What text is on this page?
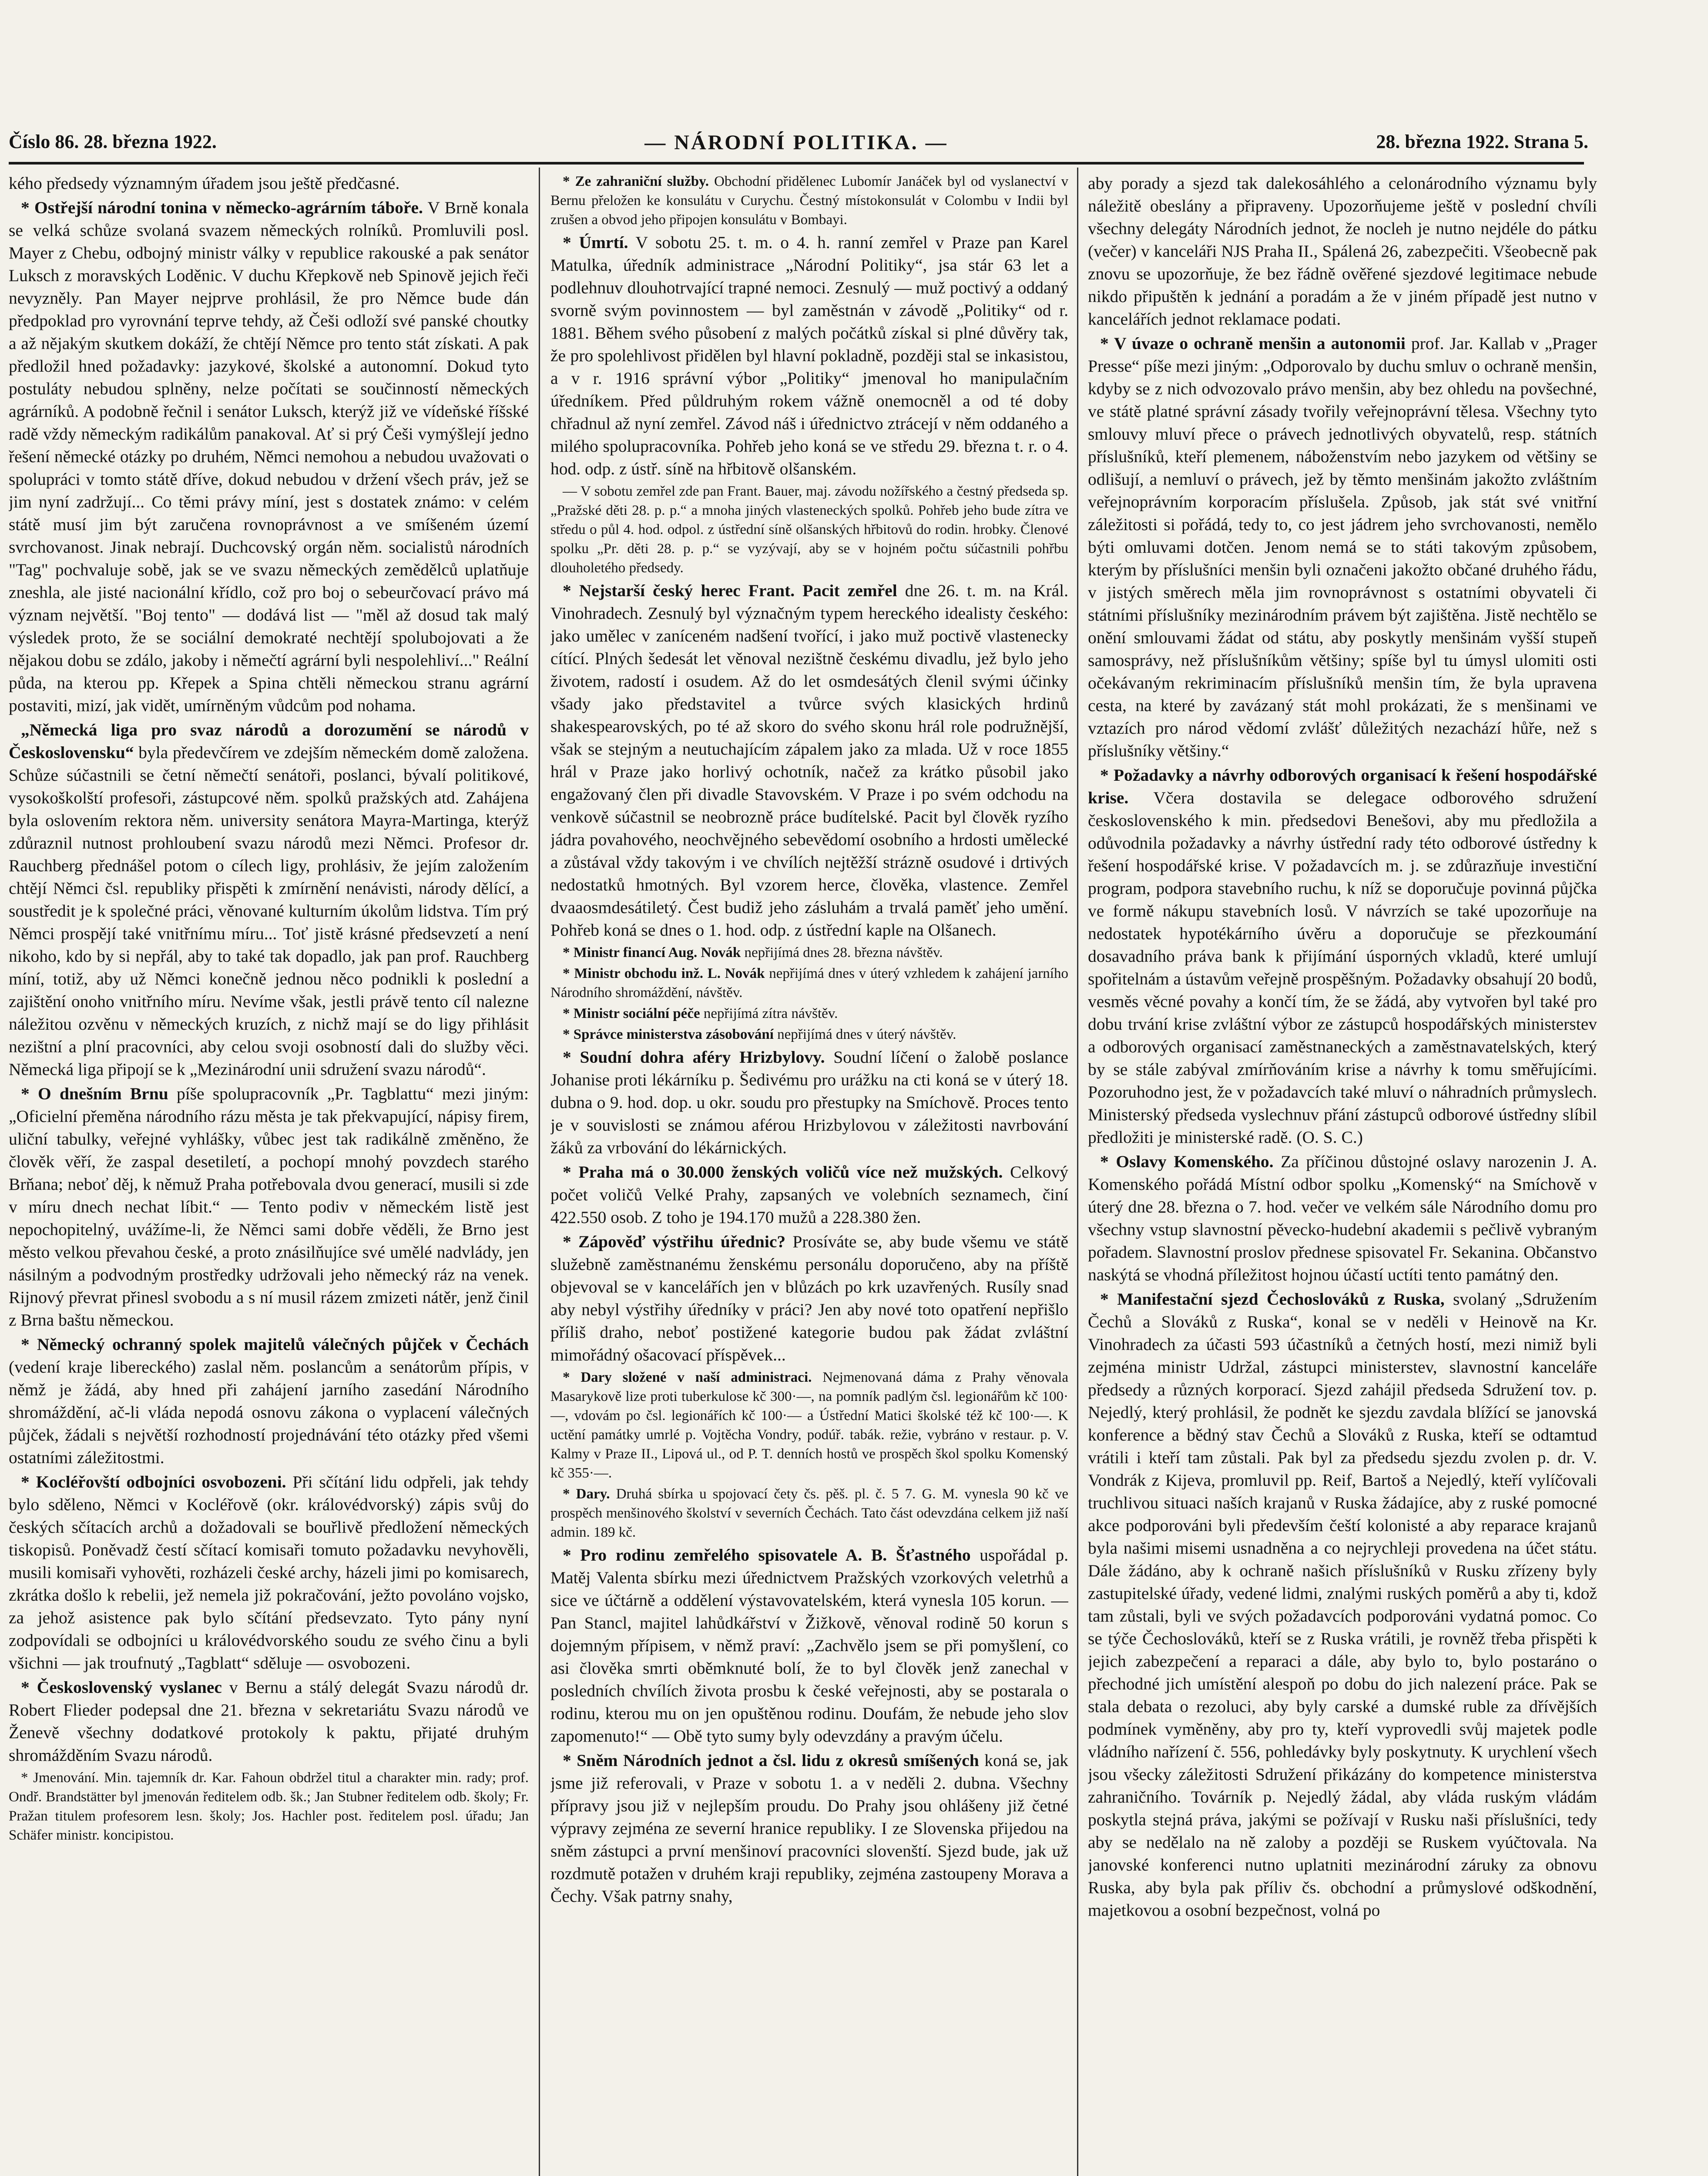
Číslo 86. 28. března 1922.	— NÁRODNÍ POLITIKA. —	28. března 1922. Strana 5.

kého předsedy významným úřadem jsou ještě předčasné.

* Ostřejší národní tonina v německo-agrárním táboře. V Brně konala se velká schůze svolaná svazem německých rolníků. Promluvili posl. Mayer z Chebu, odbojný ministr války v republice rakouské a pak senátor Luksch z moravských Loděnic. V duchu Křepkově neb Spinově jejich řeči nevyzněly. Pan Mayer nejprve prohlásil, že pro Němce bude dán předpoklad pro vyrovnání teprve tehdy, až Češi odloží své panské choutky a až nějakým skutkem dokáží, že chtějí Němce pro tento stát získati. A pak předložil hned požadavky: jazykové, školské a autonomní. Dokud tyto postuláty nebudou splněny, nelze počítati se součinností německých agrárníků. A podobně řečnil i senátor Luksch, kterýž již ve vídeňské říšské radě vždy německým radikálům panakoval. Ať si prý Češi vymýšlejí jedno řešení německé otázky po druhém, Němci nemohou a nebudou uvažovati o spolupráci v tomto státě dříve, dokud nebudou v držení všech práv, jež se jim nyní zadržují... Co těmi právy míní, jest s dostatek známo: v celém státě musí jim být zaručena rovnoprávnost a ve smíšeném území svrchovanost. Jinak nebrají. Duchcovský orgán něm. socialistů národních "Tag" pochvaluje sobě, jak se ve svazu německých zemědělců uplatňuje zneshla, ale jisté nacionální křídlo, což pro boj o sebeurčovací právo má význam největší. "Boj tento" — dodává list — "měl až dosud tak malý výsledek proto, že se sociální demokraté nechtějí spolubojovati a že nějakou dobu se zdálo, jakoby i němečtí agrární byli nespolehliví..." Reální půda, na kterou pp. Křepek a Spina chtěli německou stranu agrární postaviti, mizí, jak vidět, umírněným vůdcům pod nohama.

„Německá liga pro svaz národů a dorozumění se národů v Československu“ byla předevčírem ve zdejším německém domě založena. Schůze súčastnili se četní němečtí senátoři, poslanci, bývalí politikové, vysokoškolští profesoři, zástupcové něm. spolků pražských atd. Zahájena byla oslovením rektora něm. university senátora Mayra-Martinga, kterýž zdůraznil nutnost prohloubení svazu národů mezi Němci. Profesor dr. Rauchberg přednášel potom o cílech ligy, prohlásiv, že jejím založením chtějí Němci čsl. republiky přispěti k zmírnění nenávisti, národy dělící, a soustředit je k společné práci, věnované kulturním úkolům lidstva. Tím prý Němci prospějí také vnitřnímu míru... Toť jistě krásné předsevzetí a není nikoho, kdo by si nepřál, aby to také tak dopadlo, jak pan prof. Rauchberg míní, totiž, aby už Němci konečně jednou něco podnikli k poslední a zajištění onoho vnitřního míru. Nevíme však, jestli právě tento cíl nalezne náležitou ozvěnu v německých kruzích, z nichž mají se do ligy přihlásit nezištní a plní pracovníci, aby celou svoji osobností dali do služby věci. Německá liga připojí se k „Mezinárodní unii sdružení svazu národů“.

* O dnešním Brnu píše spolupracovník „Pr. Tagblattu“ mezi jiným: „Oficielní přeměna národního rázu města je tak překvapující, nápisy firem, uliční tabulky, veřejné vyhlášky, vůbec jest tak radikálně změněno, že člověk věří, že zaspal desetiletí, a pochopí mnohý povzdech starého Brňana; neboť děj, k němuž Praha potřebovala dvou generací, musili si zde v míru dnech nechat líbit.“ — Tento podiv v německém listě jest nepochopitelný, uvážíme-li, že Němci sami dobře věděli, že Brno jest město velkou převahou české, a proto znásilňujíce své umělé nadvlády, jen násilným a podvodným prostředky udržovali jeho německý ráz na venek. Rijnový převrat přinesl svobodu a s ní musil rázem zmizeti nátěr, jenž činil z Brna baštu německou.

* Německý ochranný spolek majitelů válečných půjček v Čechách (vedení kraje libereckého) zaslal něm. poslancům a senátorům přípis, v němž je žádá, aby hned při zahájení jarního zasedání Národního shromáždění, ač-li vláda nepodá osnovu zákona o vyplacení válečných půjček, žádali s největší rozhodností projednávání této otázky před všemi ostatními záležitostmi.

* Kocléřovští odbojníci osvobozeni. Při sčítání lidu odpřeli, jak tehdy bylo sděleno, Němci v Kocléřově (okr. královédvorský) zápis svůj do českých sčítacích archů a dožadovali se bouřlivě předložení německých tiskopisů. Poněvadž čestí sčítací komisaři tomuto požadavku nevyhověli, musili komisaři vyhověti, rozházeli české archy, házeli jimi po komisarech, zkrátka došlo k rebelii, jež nemela již pokračování, ježto povoláno vojsko, za jehož asistence pak bylo sčítání předsevzato. Tyto pány nyní zodpovídali se odbojníci u královédvorského soudu ze svého činu a byli všichni — jak troufnutý „Tagblatt“ sděluje — osvobozeni.

* Československý vyslanec v Bernu a stálý delegát Svazu národů dr. Robert Flieder podepsal dne 21. března v sekretariátu Svazu národů ve Ženevě všechny dodatkové protokoly k paktu, přijaté druhým shromážděním Svazu národů.

* Jmenování. Min. tajemník dr. Kar. Fahoun obdržel titul a charakter min. rady; prof. Ondř. Brandstätter byl jmenován ředitelem odb. šk.; Jan Stubner ředitelem odb. školy; Fr. Pražan titulem profesorem lesn. školy; Jos. Hachler post. ředitelem posl. úřadu; Jan Schäfer ministr. koncipistou.

* Ze zahraniční služby. Obchodní přidělenec Lubomír Janáček byl od vyslanectví v Bernu přeložen ke konsulátu v Curychu. Čestný místokonsulát v Colombu v Indii byl zrušen a obvod jeho připojen konsulátu v Bombayi.

* Úmrtí. V sobotu 25. t. m. o 4. h. ranní zemřel v Praze pan Karel Matulka, úředník administrace „Národní Politiky“, jsa stár 63 let a podlehnuv dlouhotrvající trapné nemoci. Zesnulý — muž poctivý a oddaný svorně svým povinnostem — byl zaměstnán v závodě „Politiky“ od r. 1881. Během svého působení z malých počátků získal si plné důvěry tak, že pro spolehlivost přidělen byl hlavní pokladně, později stal se inkasistou, a v r. 1916 správní výbor „Politiky“ jmenoval ho manipulačním úředníkem. Před půldruhým rokem vážně onemocněl a od té doby chřadnul až nyní zemřel. Závod náš i úřednictvo ztrácejí v něm oddaného a milého spolupracovníka. Pohřeb jeho koná se ve středu 29. března t. r. o 4. hod. odp. z ústř. síně na hřbitově olšanském.

— V sobotu zemřel zde pan Frant. Bauer, maj. závodu nožířského a čestný předseda sp. „Pražské děti 28. p. p.“ a mnoha jiných vlasteneckých spolků. Pohřeb jeho bude zítra ve středu o půl 4. hod. odpol. z ústřední síně olšanských hřbitovů do rodin. hrobky. Členové spolku „Pr. děti 28. p. p.“ se vyzývají, aby se v hojném počtu súčastnili pohřbu dlouholetého předsedy.

* Nejstarší český herec Frant. Pacit zemřel dne 26. t. m. na Král. Vinohradech. Zesnulý byl význačným typem hereckého idealisty českého: jako umělec v zaníceném nadšení tvořící, i jako muž poctivě vlastenecky cítící. Plných šedesát let věnoval nezištně českému divadlu, jež bylo jeho životem, radostí i osudem. Až do let osmdesátých členil svými účinky všady jako představitel a tvůrce svých klasických hrdinů shakespearovských, po té až skoro do svého skonu hrál role podružnější, však se stejným a neutuchajícím zápalem jako za mlada. Už v roce 1855 hrál v Praze jako horlivý ochotník, načež za krátko působil jako engažovaný člen při divadle Stavovském. V Praze i po svém odchodu na venkově súčastnil se neobrozně práce budítelské. Pacit byl člověk ryzího jádra povahového, neochvějného sebevědomí osobního a hrdosti umělecké a zůstával vždy takovým i ve chvílích nejtěžší strázně osudové i drtivých nedostatků hmotných. Byl vzorem herce, člověka, vlastence. Zemřel dvaaosmdesátiletý. Čest budiž jeho zásluhám a trvalá paměť jeho umění. Pohřeb koná se dnes o 1. hod. odp. z ústřední kaple na Olšanech.

* Ministr financí Aug. Novák nepřijímá dnes 28. března návštěv.

* Ministr obchodu inž. L. Novák nepřijímá dnes v úterý vzhledem k zahájení jarního Národního shromáždění, návštěv.

* Ministr sociální péče nepřijímá zítra návštěv.

* Správce ministerstva zásobování nepřijímá dnes v úterý návštěv.

* Soudní dohra aféry Hrizbylovy. Soudní líčení o žalobě poslance Johanise proti lékárníku p. Šedivému pro urážku na cti koná se v úterý 18. dubna o 9. hod. dop. u okr. soudu pro přestupky na Smíchově. Proces tento je v souvislosti se známou aférou Hrizbylovou v záležitosti navrbování žáků za vrbování do lékárnických.

* Praha má o 30.000 ženských voličů více než mužských. Celkový počet voličů Velké Prahy, zapsaných ve volebních seznamech, činí 422.550 osob. Z toho je 194.170 mužů a 228.380 žen.

* Zápověď výstřihu úřednic? Prosíváte se, aby bude všemu ve státě služebně zaměstnanému ženskému personálu doporučeno, aby na příště objevoval se v kancelářích jen v blůzách po krk uzavřených. Rusíly snad aby nebyl výstřihy úředníky v práci? Jen aby nové toto opatření nepřišlo příliš draho, neboť postižené kategorie budou pak žádat zvláštní mimořádný ošacovací příspěvek...

* Dary složené v naší administraci. Nejmenovaná dáma z Prahy věnovala Masarykově lize proti tuberkulose kč 300·—, na pomník padlým čsl. legionářům kč 100·—, vdovám po čsl. legionářích kč 100·— a Ústřední Matici školské též kč 100·—. K uctění památky umrlé p. Vojtěcha Vondry, podúř. tabák. režie, vybráno v restaur. p. V. Kalmy v Praze II., Lipová ul., od P. T. denních hostů ve prospěch škol spolku Komenský kč 355·—.

* Dary. Druhá sbírka u spojovací čety čs. pěš. pl. č. 5 7. G. M. vynesla 90 kč ve prospěch menšinového školství v severních Čechách. Tato část odevzdána celkem již naší admin. 189 kč.

* Pro rodinu zemřelého spisovatele A. B. Šťastného uspořádal p. Matěj Valenta sbírku mezi úřednictvem Pražských vzorkových veletrhů a sice ve účtárně a oddělení výstavovatelském, která vynesla 105 korun. — Pan Stancl, majitel lahůdkářství v Žižkově, věnoval rodině 50 korun s dojemným přípisem, v němž praví: „Zachvělo jsem se při pomyšlení, co asi člověka smrti oběmknuté bolí, že to byl člověk jenž zanechal v posledních chvílích života prosbu k české veřejnosti, aby se postarala o rodinu, kterou mu on jen opuštěnou rodinu. Doufám, že nebude jeho slov zapomenuto!“ — Obě tyto sumy byly odevzdány a pravým účelu.

* Sněm Národních jednot a čsl. lidu z okresů smíšených koná se, jak jsme již referovali, v Praze v sobotu 1. a v neděli 2. dubna. Všechny přípravy jsou již v nejlepším proudu. Do Prahy jsou ohlášeny již četné výpravy zejména ze severní hranice republiky. I ze Slovenska přijedou na sněm zástupci a první menšinoví pracovníci slovenští. Sjezd bude, jak už rozdmutě potažen v druhém kraji republiky, zejména zastoupeny Morava a Čechy. Však patrny snahy,

aby porady a sjezd tak dalekosáhlého a celonárodního významu byly náležitě obeslány a připraveny. Upozorňujeme ještě v poslední chvíli všechny delegáty Národních jednot, že nocleh je nutno nejdéle do pátku (večer) v kanceláři NJS Praha II., Spálená 26, zabezpečiti. Všeobecně pak znovu se upozorňuje, že bez řádně ověřené sjezdové legitimace nebude nikdo připuštěn k jednání a poradám a že v jiném případě jest nutno v kancelářích jednot reklamace podati.

* V úvaze o ochraně menšin a autonomii prof. Jar. Kallab v „Prager Presse“ píše mezi jiným: „Odporovalo by duchu smluv o ochraně menšin, kdyby se z nich odvozovalo právo menšin, aby bez ohledu na povšechné, ve státě platné správní zásady tvořily veřejnoprávní tělesa. Všechny tyto smlouvy mluví přece o právech jednotlivých obyvatelů, resp. státních příslušníků, kteří plemenem, náboženstvím nebo jazykem od většiny se odlišují, a nemluví o právech, jež by těmto menšinám jakožto zvláštním veřejnoprávním korporacím příslušela. Způsob, jak stát své vnitřní záležitosti si pořádá, tedy to, co jest jádrem jeho svrchovanosti, nemělo býti omluvami dotčen. Jenom nemá se to státi takovým způsobem, kterým by příslušníci menšin byli označeni jakožto občané druhého řádu, v jistých směrech měla jim rovnoprávnost s ostatními obyvateli či státními příslušníky mezinárodním právem být zajištěna. Jistě nechtělo se onění smlouvami žádat od státu, aby poskytly menšinám vyšší stupeň samosprávy, než příslušníkům většiny; spíše byl tu úmysl ulomiti osti očekávaným rekriminacím příslušníků menšin tím, že byla upravena cesta, na které by zavázaný stát mohl prokázati, že s menšinami ve vztazích pro národ vědomí zvlášť důležitých nezachází hůře, než s příslušníky většiny.“

* Požadavky a návrhy odborových organisací k řešení hospodářské krise. Včera dostavila se delegace odborového sdružení československého k min. předsedovi Benešovi, aby mu předložila a odůvodnila požadavky a návrhy ústřední rady této odborové ústředny k řešení hospodářské krise. V požadavcích m. j. se zdůrazňuje investiční program, podpora stavebního ruchu, k níž se doporučuje povinná půjčka ve formě nákupu stavebních losů. V návrzích se také upozorňuje na nedostatek hypotékárního úvěru a doporučuje se přezkoumání dosavadního práva bank k přijímání úsporných vkladů, které umlují spořitelnám a ústavům veřejně prospěšným. Požadavky obsahují 20 bodů, vesměs věcné povahy a končí tím, že se žádá, aby vytvořen byl také pro dobu trvání krise zvláštní výbor ze zástupců hospodářských ministerstev a odborových organisací zaměstnaneckých a zaměstnavatelských, který by se stále zabýval zmírňováním krise a návrhy k tomu směřujícími. Pozoruhodno jest, že v požadavcích také mluví o náhradních průmyslech. Ministerský předseda vyslechnuv přání zástupců odborové ústředny slíbil předložiti je ministerské radě. (O. S. C.)

* Oslavy Komenského. Za příčinou důstojné oslavy narozenin J. A. Komenského pořádá Místní odbor spolku „Komenský“ na Smíchově v úterý dne 28. března o 7. hod. večer ve velkém sále Národního domu pro všechny vstup slavnostní pěvecko-hudební akademii s pečlivě vybraným pořadem. Slavnostní proslov přednese spisovatel Fr. Sekanina. Občanstvo naskýtá se vhodná příležitost hojnou účastí uctíti tento památný den.

* Manifestační sjezd Čechoslováků z Ruska, svolaný „Sdružením Čechů a Slováků z Ruska“, konal se v neděli v Heinově na Kr. Vinohradech za účasti 593 účastníků a četných hostí, mezi nimiž byli zejména ministr Udržal, zástupci ministerstev, slavnostní kanceláře předsedy a různých korporací. Sjezd zahájil předseda Sdružení tov. p. Nejedlý, který prohlásil, že podnět ke sjezdu zavdala blížící se janovská konference a bědný stav Čechů a Slováků z Ruska, kteří se odtamtud vrátili i kteří tam zůstali. Pak byl za předsedu sjezdu zvolen p. dr. V. Vondrák z Kijeva, promluvil pp. Reif, Bartoš a Nejedlý, kteří vylíčovali truchlivou situaci naších krajanů v Ruska žádajíce, aby z ruské pomocné akce podporováni byli především čeští kolonisté a aby reparace krajanů byla našimi misemi usnadněna a co nejrychleji provedena na účet státu. Dále žádáno, aby k ochraně našich příslušníků v Rusku zřízeny byly zastupitelské úřady, vedené lidmi, znalými ruských poměrů a aby ti, kdož tam zůstali, byli ve svých požadavcích podporováni vydatná pomoc. Co se týče Čechoslováků, kteří se z Ruska vrátili, je rovněž třeba přispěti k jejich zabezpečení a reparaci a dále, aby bylo to, bylo postaráno o přechodné jich umístění alespoň po dobu do jich nalezení práce. Pak se stala debata o rezoluci, aby byly carské a dumské ruble za dřívějších podmínek vyměněny, aby pro ty, kteří vyprovedli svůj majetek podle vládního nařízení č. 556, pohledávky byly poskytnuty. K urychlení všech jsou všecky záležitosti Sdružení přikázány do kompetence ministerstva zahraničního. Továrník p. Nejedlý žádal, aby vláda ruským vládám poskytla stejná práva, jakými se požívají v Rusku naši příslušníci, tedy aby se nedělalo na ně zaloby a později se Ruskem vyúčtovala. Na janovské konferenci nutno uplatniti mezinárodní záruky za obnovu Ruska, aby byla pak příliv čs. obchodní a průmyslové odškodnění, majetkovou a osobní bezpečnost, volná po
